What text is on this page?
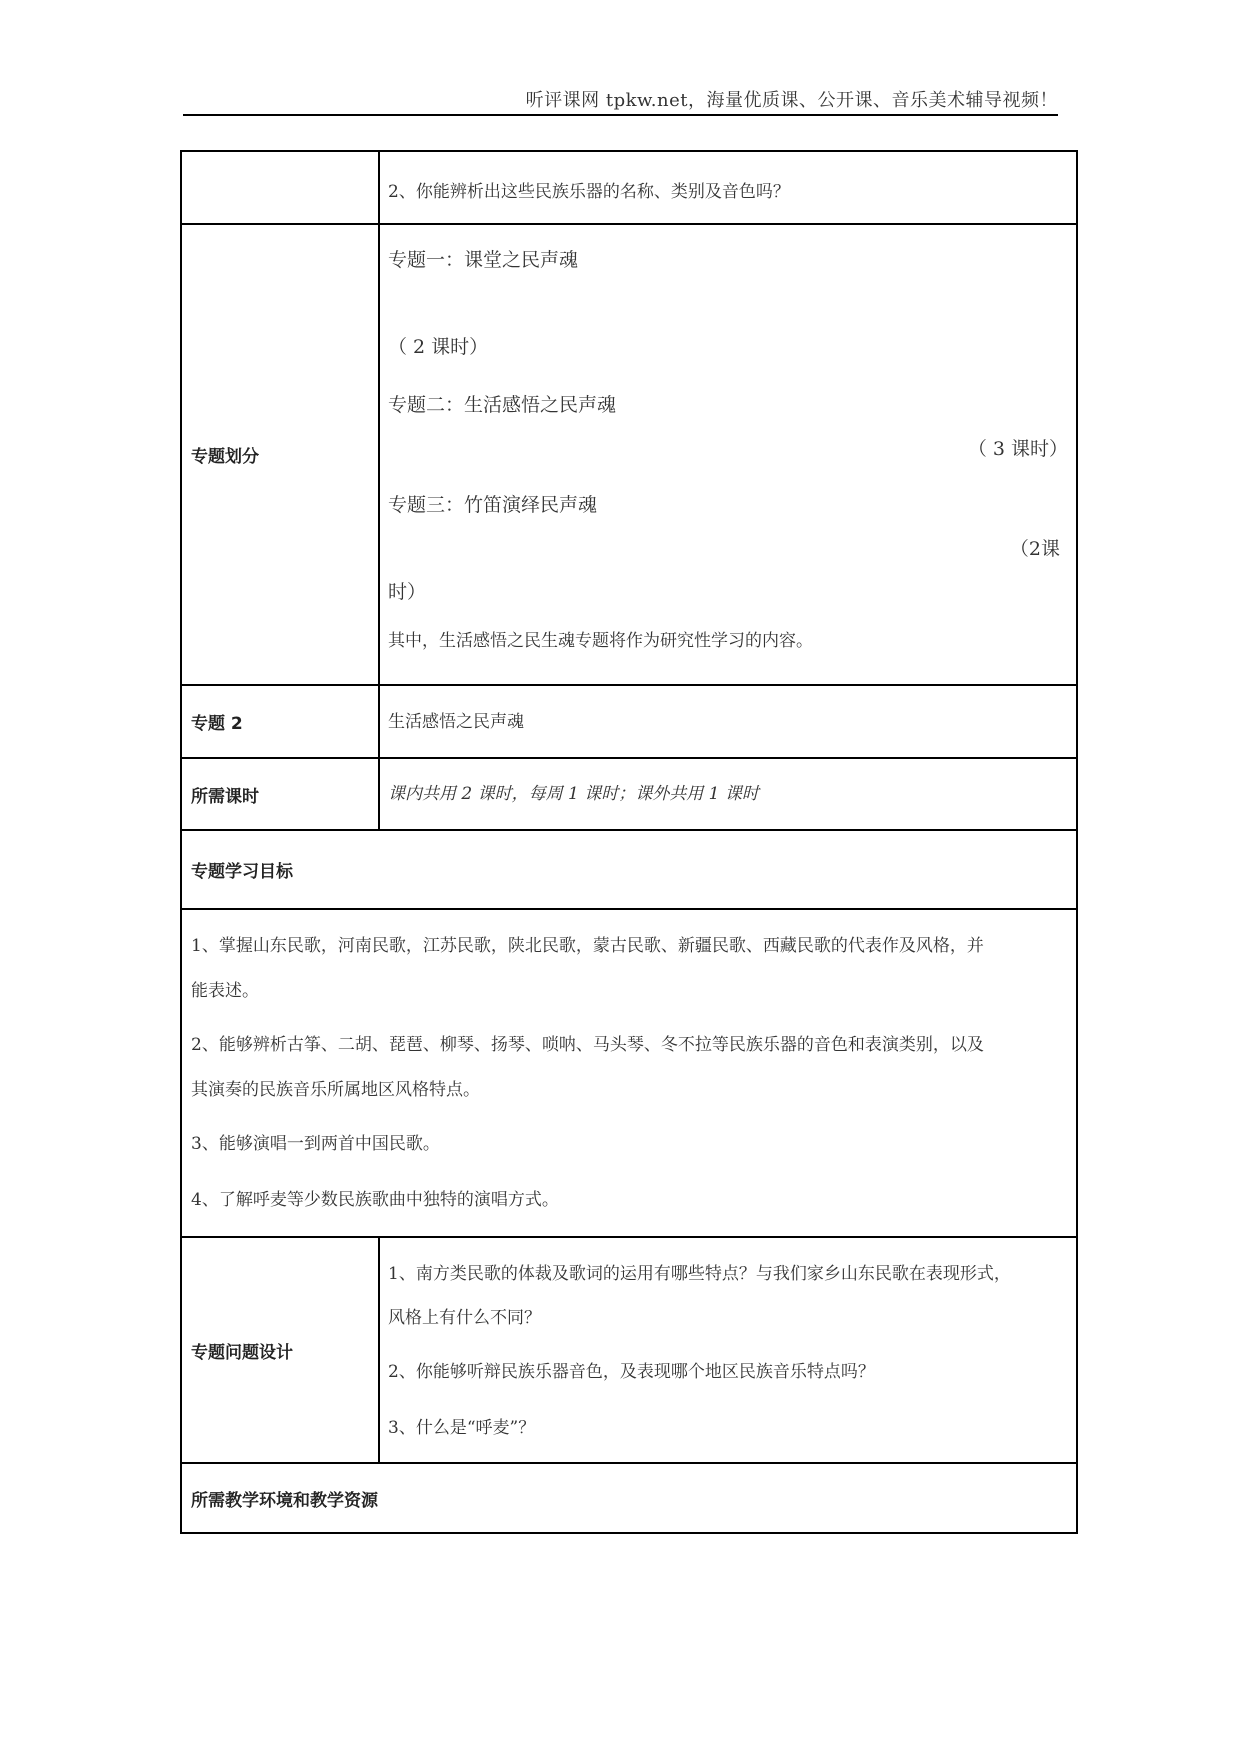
听评课网 tpkw.net，海量优质课、公开课、音乐美术辅导视频！
2、你能辨析出这些民族乐器的名称、类别及音色吗？
专题划分
专题一：课堂之民声魂
（ 2 课时）
专题二：生活感悟之民声魂
（ 3 课时）
专题三：竹笛演绎民声魂
（2课
时）
其中，生活感悟之民生魂专题将作为研究性学习的内容。
专题 2	生活感悟之民声魂
所需课时	课内共用 2 课时，每周 1 课时；课外共用 1 课时
专题学习目标
1、掌握山东民歌，河南民歌，江苏民歌，陕北民歌，蒙古民歌、新疆民歌、西藏民歌的代表作及风格，并
能表述。
2、能够辨析古筝、二胡、琵琶、柳琴、扬琴、唢呐、马头琴、冬不拉等民族乐器的音色和表演类别，以及
其演奏的民族音乐所属地区风格特点。
3、能够演唱一到两首中国民歌。
4、了解呼麦等少数民族歌曲中独特的演唱方式。
专题问题设计
1、南方类民歌的体裁及歌词的运用有哪些特点？与我们家乡山东民歌在表现形式，
风格上有什么不同？
2、你能够听辩民族乐器音色，及表现哪个地区民族音乐特点吗？
3、什么是“呼麦”？
所需教学环境和教学资源
